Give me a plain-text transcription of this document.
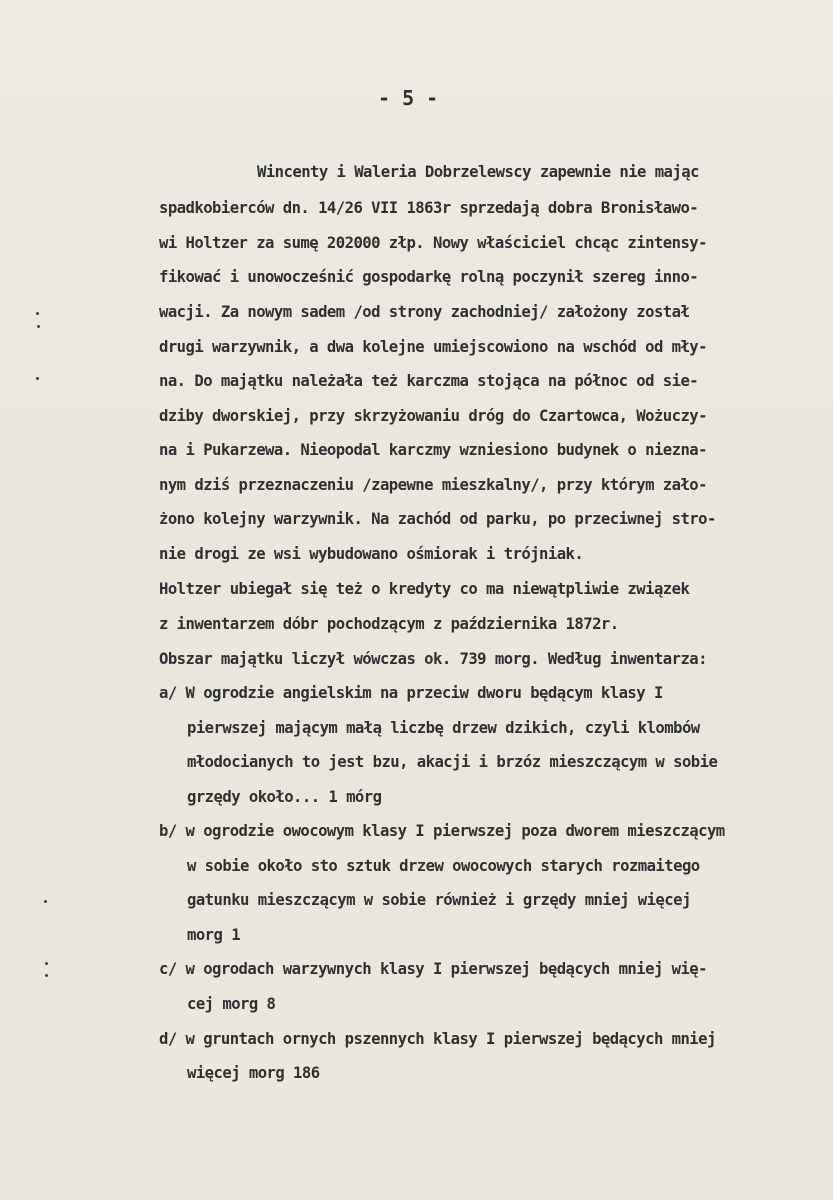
- 5 -
Wincenty i Waleria Dobrzelewscy zapewnie nie mając
spadkobierców dn. 14/26 VII 1863r sprzedają dobra Bronisławo-
wi Holtzer za sumę 202000 złp. Nowy właściciel chcąc zintensy-
fikować i unowocześnić gospodarkę rolną poczynił szereg inno-
wacji. Za nowym sadem /od strony zachodniej/ założony został
drugi warzywnik, a dwa kolejne umiejscowiono na wschód od mły-
na. Do majątku należała też karczma stojąca na północ od sie-
dziby dworskiej, przy skrzyżowaniu dróg do Czartowca, Wożuczy-
na i Pukarzewa. Nieopodal karczmy wzniesiono budynek o niezna-
nym dziś przeznaczeniu /zapewne mieszkalny/, przy którym zało-
żono kolejny warzywnik. Na zachód od parku, po przeciwnej stro-
nie drogi ze wsi wybudowano ośmiorak i trójniak.
Holtzer ubiegał się też o kredyty co ma niewątpliwie związek
z inwentarzem dóbr pochodzącym z października 1872r.
Obszar majątku liczył wówczas ok. 739 morg. Według inwentarza:
a/ W ogrodzie angielskim na przeciw dworu będącym klasy I
pierwszej mającym małą liczbę drzew dzikich, czyli klombów
młodocianych to jest bzu, akacji i brzóz mieszczącym w sobie
grzędy około... 1 mórg
b/ w ogrodzie owocowym klasy I pierwszej poza dworem mieszczącym
w sobie około sto sztuk drzew owocowych starych rozmaitego
gatunku mieszczącym w sobie również i grzędy mniej więcej
morg 1
c/ w ogrodach warzywnych klasy I pierwszej będących mniej wię-
cej morg 8
d/ w gruntach ornych pszennych klasy I pierwszej będących mniej
więcej morg 186
